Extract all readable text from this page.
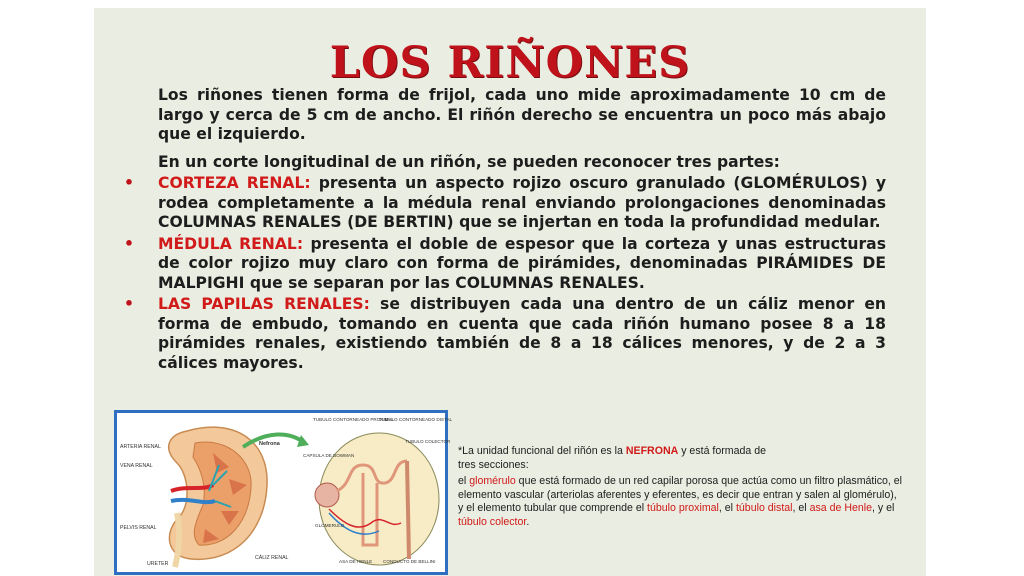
LOS RIÑONES

Los riñones tienen forma de frijol, cada uno mide aproximadamente 10 cm de largo y cerca de 5 cm de ancho. El riñón derecho se encuentra un poco más abajo que el izquierdo.

En un corte longitudinal de un riñón, se pueden reconocer tres partes:

• CORTEZA RENAL: presenta un aspecto rojizo oscuro granulado (GLOMÉRULOS) y rodea completamente a la médula renal enviando prolongaciones denominadas COLUMNAS RENALES (DE BERTIN) que se injertan en toda la profundidad medular.
• MÉDULA RENAL: presenta el doble de espesor que la corteza y unas estructuras de color rojizo muy claro con forma de pirámides, denominadas PIRÁMIDES DE MALPIGHI que se separan por las COLUMNAS RENALES.
• LAS PAPILAS RENALES: se distribuyen cada una dentro de un cáliz menor en forma de embudo, tomando en cuenta que cada riñón humano posee 8 a 18 pirámides renales, existiendo también de 8 a 18 cálices menores, y de 2 a 3 cálices mayores.
ARTERIA RENAL
VENA RENAL
PELVIS RENAL
URETER
CÁLIZ RENAL
Nefrona
TUBULO CONTORNEADO PROXIMAL
TUBULO CONTORNEADO DISTAL
TUBULO COLECTOR
CAPSULA DE BOWMAN
GLOMERULO
ASA DE HENLE CONDUCTO DE BELLINI

*La unidad funcional del riñón es la NEFRONA y está formada de
tres secciones:

el glomérulo que está formado de un red capilar porosa que actúa como un filtro plasmático, el elemento vascular (arteriolas aferentes y eferentes, es decir que entran y salen al glomérulo), y el elemento tubular que comprende el túbulo proximal, el túbulo distal, el asa de Henle, y el túbulo colector.
